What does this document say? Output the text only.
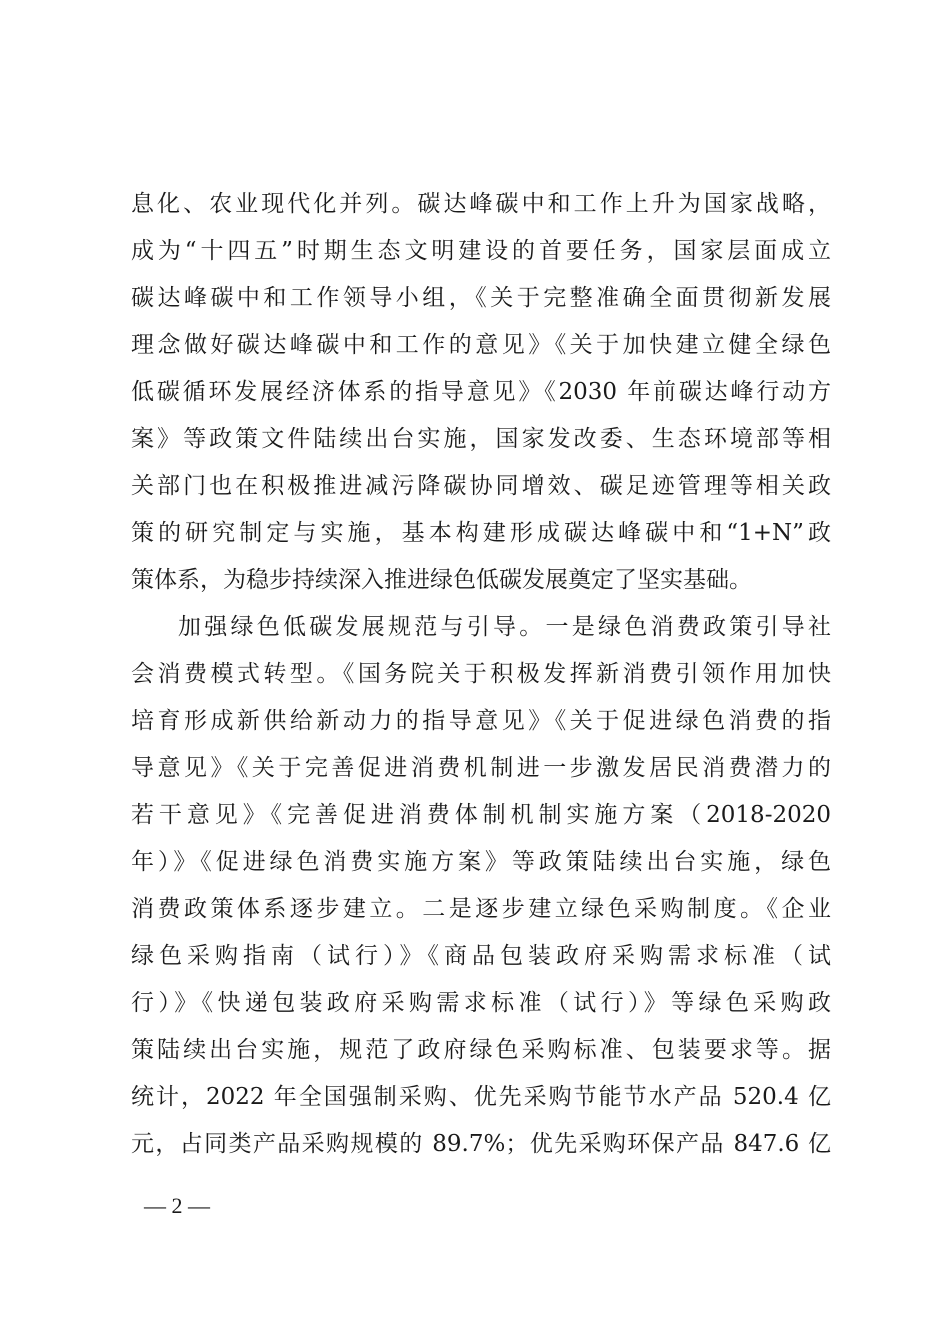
息化、农业现代化并列。碳达峰碳中和工作上升为国家战略，
成为“十四五”时期生态文明建设的首要任务，国家层面成立
碳达峰碳中和工作领导小组，《关于完整准确全面贯彻新发展
理念做好碳达峰碳中和工作的意见》《关于加快建立健全绿色
低碳循环发展经济体系的指导意见》《2030 年前碳达峰行动方
案》等政策文件陆续出台实施，国家发改委、生态环境部等相
关部门也在积极推进减污降碳协同增效、碳足迹管理等相关政
策的研究制定与实施，基本构建形成碳达峰碳中和“1+N”政
策体系，为稳步持续深入推进绿色低碳发展奠定了坚实基础。
加强绿色低碳发展规范与引导。一是绿色消费政策引导社
会消费模式转型。《国务院关于积极发挥新消费引领作用加快
培育形成新供给新动力的指导意见》《关于促进绿色消费的指
导意见》《关于完善促进消费机制进一步激发居民消费潜力的
若干意见》《完善促进消费体制机制实施方案（2018-2020
年）》《促进绿色消费实施方案》等政策陆续出台实施，绿色
消费政策体系逐步建立。二是逐步建立绿色采购制度。《企业
绿色采购指南（试行）》《商品包装政府采购需求标准（试
行）》《快递包装政府采购需求标准（试行）》等绿色采购政
策陆续出台实施，规范了政府绿色采购标准、包装要求等。据
统计，2022 年全国强制采购、优先采购节能节水产品 520.4 亿
元，占同类产品采购规模的 89.7%；优先采购环保产品 847.6 亿
— 2 —
